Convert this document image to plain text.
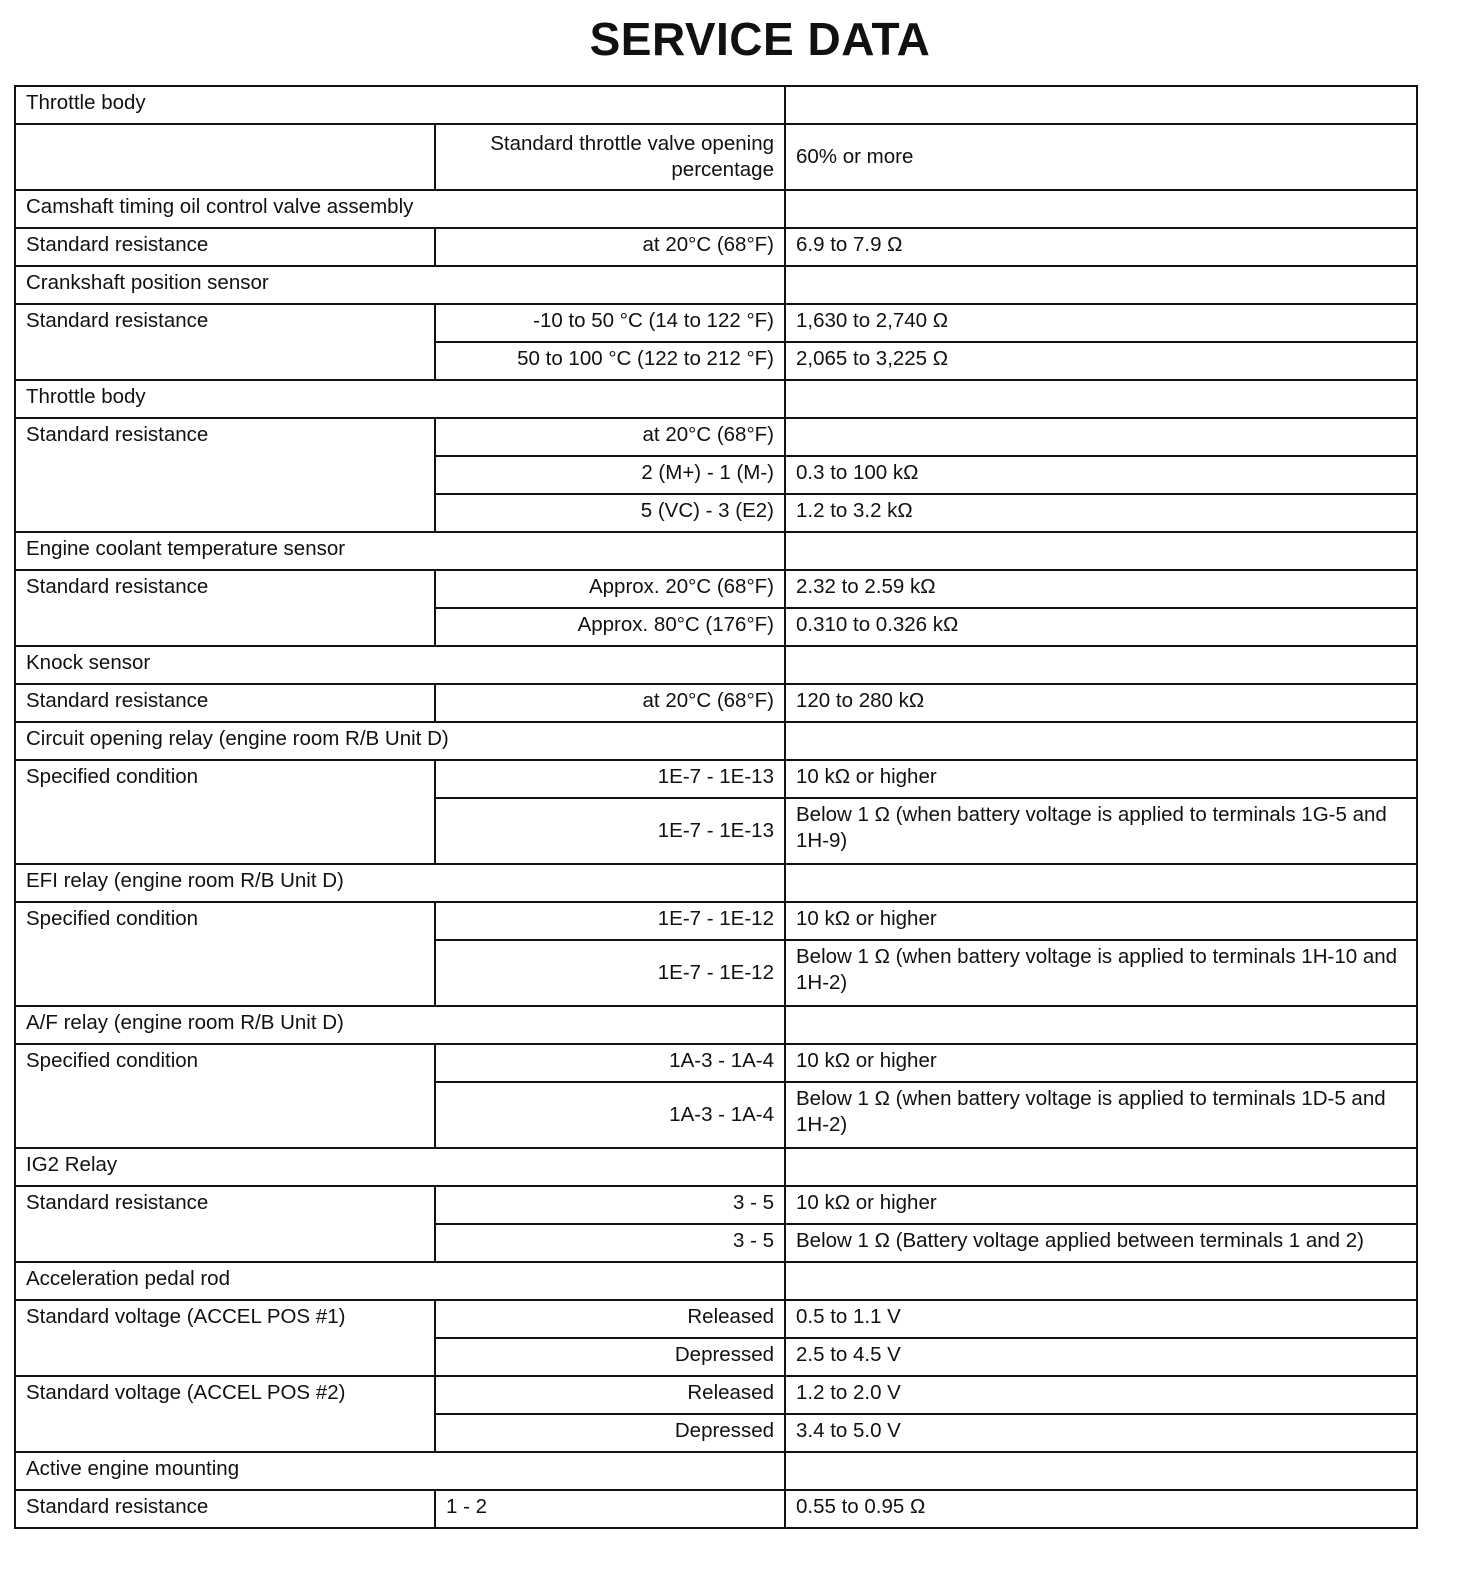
SERVICE DATA
Throttle body		
	Standard throttle valve opening percentage	60% or more
Camshaft timing oil control valve assembly		
Standard resistance	at 20°C (68°F)	6.9 to 7.9 Ω
Crankshaft position sensor		
Standard resistance	-10 to 50 °C (14 to 122 °F)	1,630 to 2,740 Ω
	50 to 100 °C (122 to 212 °F)	2,065 to 3,225 Ω
Throttle body		
Standard resistance	at 20°C (68°F)	
	2 (M+) - 1 (M-)	0.3 to 100 kΩ
	5 (VC) - 3 (E2)	1.2 to 3.2 kΩ
Engine coolant temperature sensor		
Standard resistance	Approx. 20°C (68°F)	2.32 to 2.59 kΩ
	Approx. 80°C (176°F)	0.310 to 0.326 kΩ
Knock sensor		
Standard resistance	at 20°C (68°F)	120 to 280 kΩ
Circuit opening relay (engine room R/B Unit D)		
Specified condition	1E-7 - 1E-13	10 kΩ or higher
	1E-7 - 1E-13	Below 1 Ω (when battery voltage is applied to terminals 1G-5 and 1H-9)
EFI relay (engine room R/B Unit D)		
Specified condition	1E-7 - 1E-12	10 kΩ or higher
	1E-7 - 1E-12	Below 1 Ω (when battery voltage is applied to terminals 1H-10 and 1H-2)
A/F relay (engine room R/B Unit D)		
Specified condition	1A-3 - 1A-4	10 kΩ or higher
	1A-3 - 1A-4	Below 1 Ω (when battery voltage is applied to terminals 1D-5 and 1H-2)
IG2 Relay		
Standard resistance	3 - 5	10 kΩ or higher
	3 - 5	Below 1 Ω (Battery voltage applied between terminals 1 and 2)
Acceleration pedal rod		
Standard voltage (ACCEL POS #1)	Released	0.5 to 1.1 V
	Depressed	2.5 to 4.5 V
Standard voltage (ACCEL POS #2)	Released	1.2 to 2.0 V
	Depressed	3.4 to 5.0 V
Active engine mounting		
Standard resistance	1 - 2	0.55 to 0.95 Ω
